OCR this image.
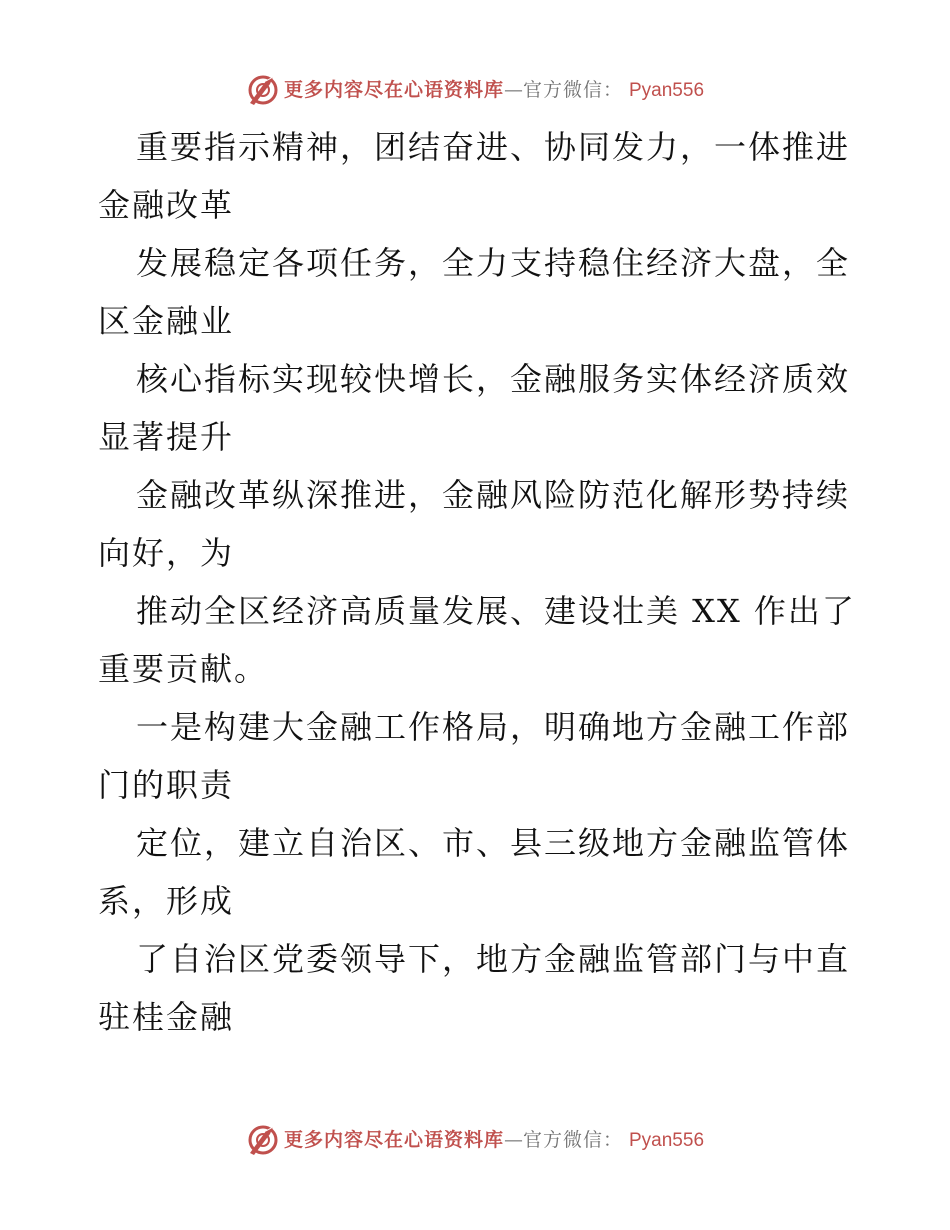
更多内容尽在心语资料库 — 官方微信： Pyan556

重要指示精神，团结奋进、协同发力，一体推进
金融改革

发展稳定各项任务，全力支持稳住经济大盘，全
区金融业

核心指标实现较快增长，金融服务实体经济质效
显著提升

金融改革纵深推进，金融风险防范化解形势持续
向好，为

推动全区经济高质量发展、建设壮美 XX 作出了
重要贡献。

一是构建大金融工作格局，明确地方金融工作部
门的职责

定位，建立自治区、市、县三级地方金融监管体
系，形成

了自治区党委领导下，地方金融监管部门与中直
驻桂金融

更多内容尽在心语资料库 — 官方微信： Pyan556
